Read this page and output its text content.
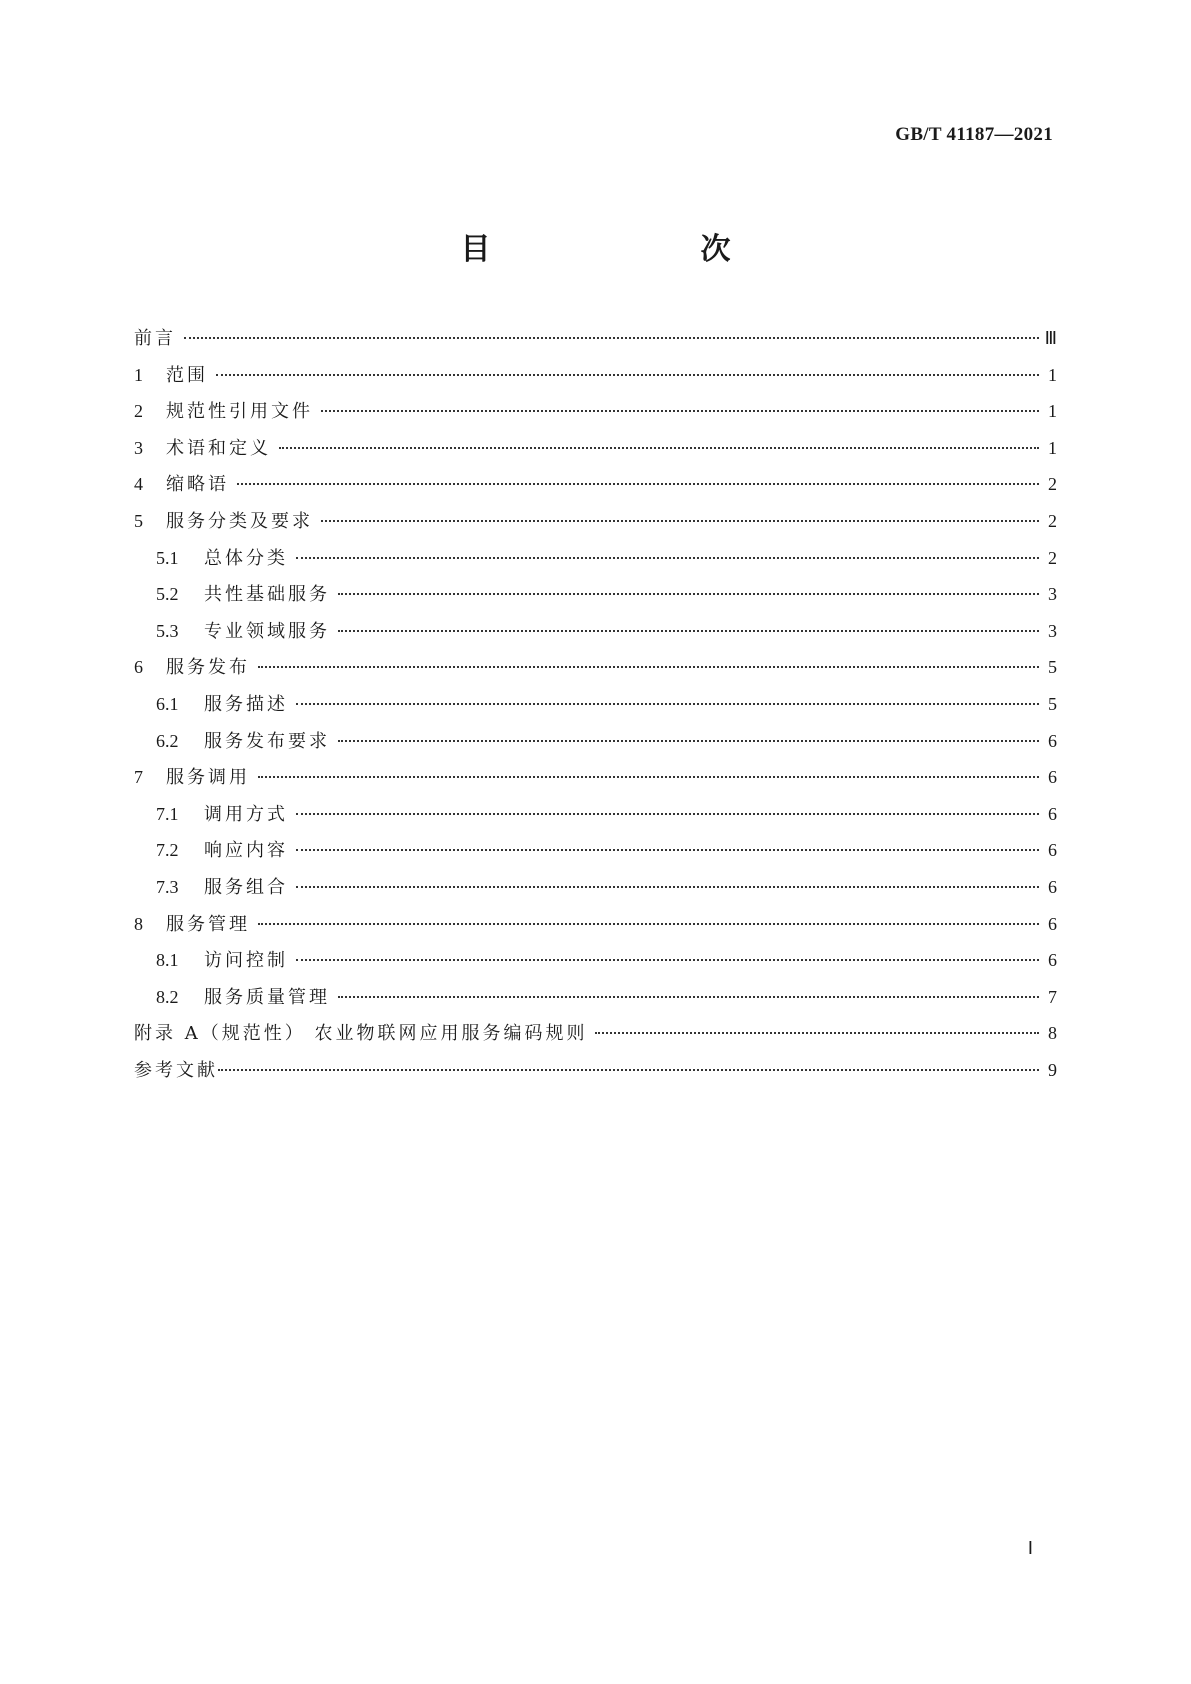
GB/T 41187—2021
目　　次
前言	Ⅲ
1	范围	1
2	规范性引用文件	1
3	术语和定义	1
4	缩略语	2
5	服务分类及要求	2
5.1	总体分类	2
5.2	共性基础服务	3
5.3	专业领域服务	3
6	服务发布	5
6.1	服务描述	5
6.2	服务发布要求	6
7	服务调用	6
7.1	调用方式	6
7.2	响应内容	6
7.3	服务组合	6
8	服务管理	6
8.1	访问控制	6
8.2	服务质量管理	7
附录 A（规范性） 农业物联网应用服务编码规则	8
参考文献	9
Ⅰ
